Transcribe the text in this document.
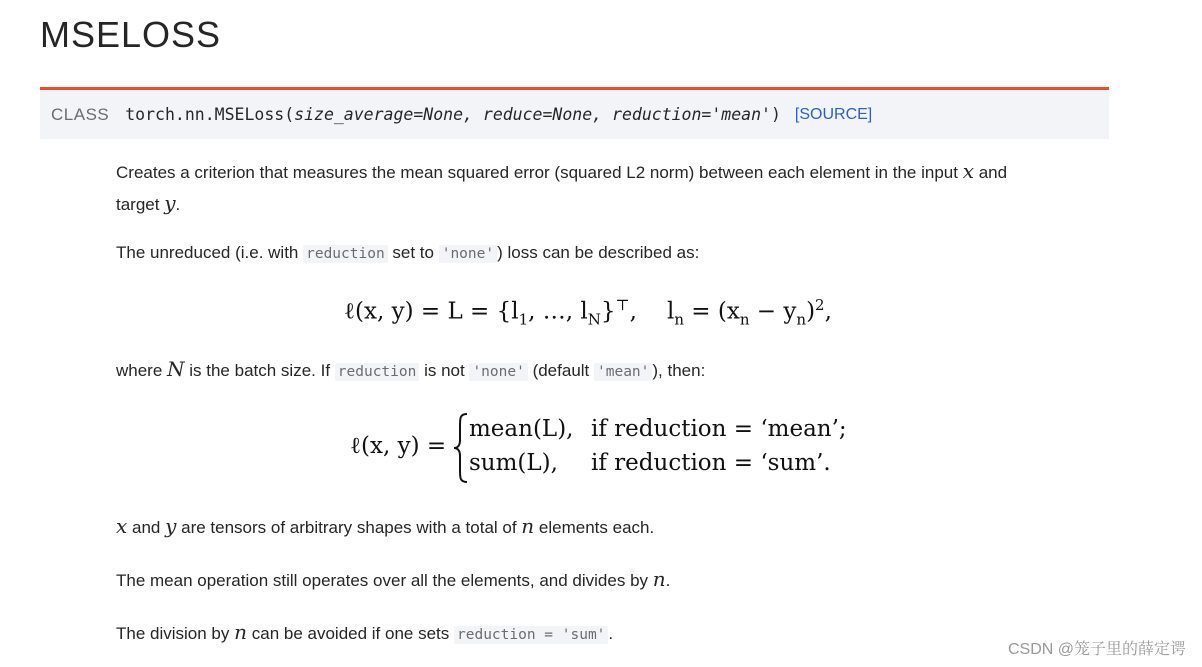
MSELOSS
CLASS torch.nn.MSELoss( size_average=None, reduce=None, reduction='mean' ) [SOURCE]

Creates a criterion that measures the mean squared error (squared L2 norm) between each element in the input x and
target y.

The unreduced (i.e. with reduction set to 'none' ) loss can be described as:

ℓ(x, $y) = L = \{l_1$, …, $l_N\}^⊤$, $l_n = (x_n - y_n)^2$,

where N is the batch size. If reduction is not 'none' (default 'mean' ), then:

ℓ(x, y) =
mean(L), if reduction = ‘mean’;
sum(L), if reduction = ‘sum’.

x and y are tensors of arbitrary shapes with a total of n elements each.

The mean operation still operates over all the elements, and divides by n.

The division by n can be avoided if one sets reduction = 'sum' .

CSDN @笼子里的薛定谔
